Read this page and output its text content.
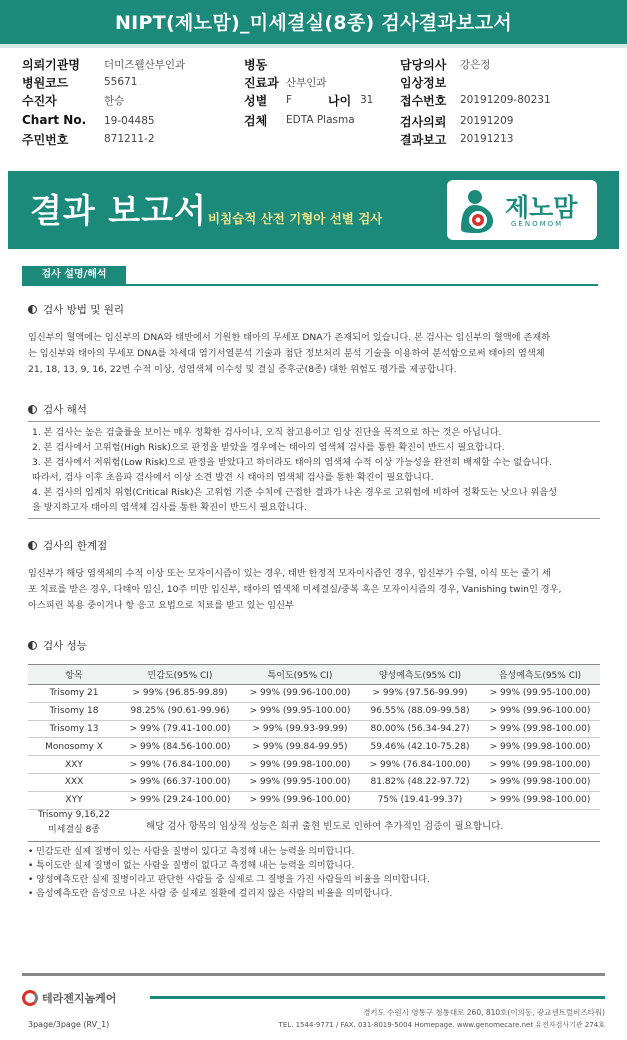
NIPT(제노맘)_미세결실(8종) 검사결과보고서
의뢰기관명 더미즈웰산부인과
병원코드	55671
수진자	한승
Chart No. 19-04485
주민번호	871211-2
병동
진료과 산부인과
성별 F	나이 31
검체 EDTA Plasma
담당의사 강은정
임상정보
접수번호 20191209-80231
검사의뢰 20191209
결과보고 20191213
결과 보고서 비침습적 산전 기형아 선별 검사	제노맘
GENOMOM
검사 설명/해석
검사 방법 및 원리
임신부의 혈액에는 임신부의 DNA와 태반에서 기원한 태아의 무세포 DNA가 존재되어 있습니다. 본 검사는 임신부의 혈액에 존재하
는 임신부와 태아의 무세포 DNA를 차세대 염기서열분석 기술과 첨단 정보처리 분석 기술을 이용하여 분석함으로써 태아의 염색체
21, 18, 13, 9, 16, 22번 수적 이상, 성염색체 이수성 및 결실 증후군(8종) 대한 위험도 평가를 제공합니다.
검사 해석
1. 본 검사는 높은 검출률을 보이는 매우 정확한 검사이나, 오직 참고용이고 임상 진단을 목적으로 하는 것은 아닙니다.
2. 본 검사에서 고위험(High Risk)으로 판정을 받았을 경우에는 태아의 염색체 검사를 통한 확진이 반드시 필요합니다.
3. 본 검사에서 저위험(Low Risk)으로 판정을 받았다고 하더라도 태아의 염색체 수적 이상 가능성을 완전히 배제할 수는 없습니다.
따라서, 검사 이후 초음파 검사에서 이상 소견 발견 시 태아의 염색체 검사를 통한 확진이 필요합니다.
4. 본 검사의 임계치 위험(Critical Risk)은 고위험 기준 수치에 근접한 결과가 나온 경우로 고위험에 비하여 정확도는 낮으나 위음성
을 방지하고자 태아의 염색체 검사를 통한 확진이 반드시 필요합니다.
검사의 한계점
임신부가 해당 염색체의 수적 이상 또는 모자이시즘이 있는 경우, 태반 한정적 모자이시즘인 경우, 임신부가 수혈, 이식 또는 줄기 세
포 치료를 받은 경우, 다태아 임신, 10주 미만 임신부, 태아의 염색체 미세결실/중복 혹은 모자이시즘의 경우, Vanishing twin인 경우,
아스피린 복용 중이거나 항 응고 요법으로 치료를 받고 있는 임신부
검사 성능
항목	민감도(95% CI)	특이도(95% CI)	양성예측도(95% CI)	음성예측도(95% CI)
Trisomy 21	> 99% (96.85-99.89)	> 99% (99.96-100.00)	> 99% (97.56-99.99)	> 99% (99.95-100.00)
Trisomy 18	98.25% (90.61-99.96)	> 99% (99.95-100.00)	96.55% (88.09-99.58)	> 99% (99.96-100.00)
Trisomy 13	> 99% (79.41-100.00)	> 99% (99.93-99.99)	80.00% (56.34-94.27)	> 99% (99.98-100.00)
Monosomy X	> 99% (84.56-100.00)	> 99% (99.84-99.95)	59.46% (42.10-75.28)	> 99% (99.98-100.00)
XXY	> 99% (76.84-100.00)	> 99% (99.98-100.00)	> 99% (76.84-100.00)	> 99% (99.98-100.00)
XXX	> 99% (66.37-100.00)	> 99% (99.95-100.00)	81.82% (48.22-97.72)	> 99% (99.98-100.00)
XYY	> 99% (29.24-100.00)	> 99% (99.96-100.00)	75% (19.41-99.37)	> 99% (99.98-100.00)
Trisomy 9,16,22
미세결실 8종	해당 검사 항목의 임상적 성능은 희귀 출현 빈도로 인하여 추가적인 검증이 필요합니다.
• 민감도란 실제 질병이 있는 사람을 질병이 있다고 측정해 내는 능력을 의미합니다.
• 특이도란 실제 질병이 없는 사람을 질병이 없다고 측정해 내는 능력을 의미합니다.
• 양성예측도란 실제 질병이라고 판단한 사람들 중 실제로 그 질병을 가진 사람들의 비율을 의미합니다.
• 음성예측도란 음성으로 나온 사람 중 실제로 질환에 걸리지 않은 사람의 비율을 의미합니다.
테라젠지놈케어
경기도 수원시 영통구 청통대로 260, 810호(이의동, 광교센트럴비즈타워)
TEL. 1544-9771 / FAX. 031-8019-5004 Homepage. www.genomecare.net 유전자검사기관 274호
3page/3page (RV_1)
